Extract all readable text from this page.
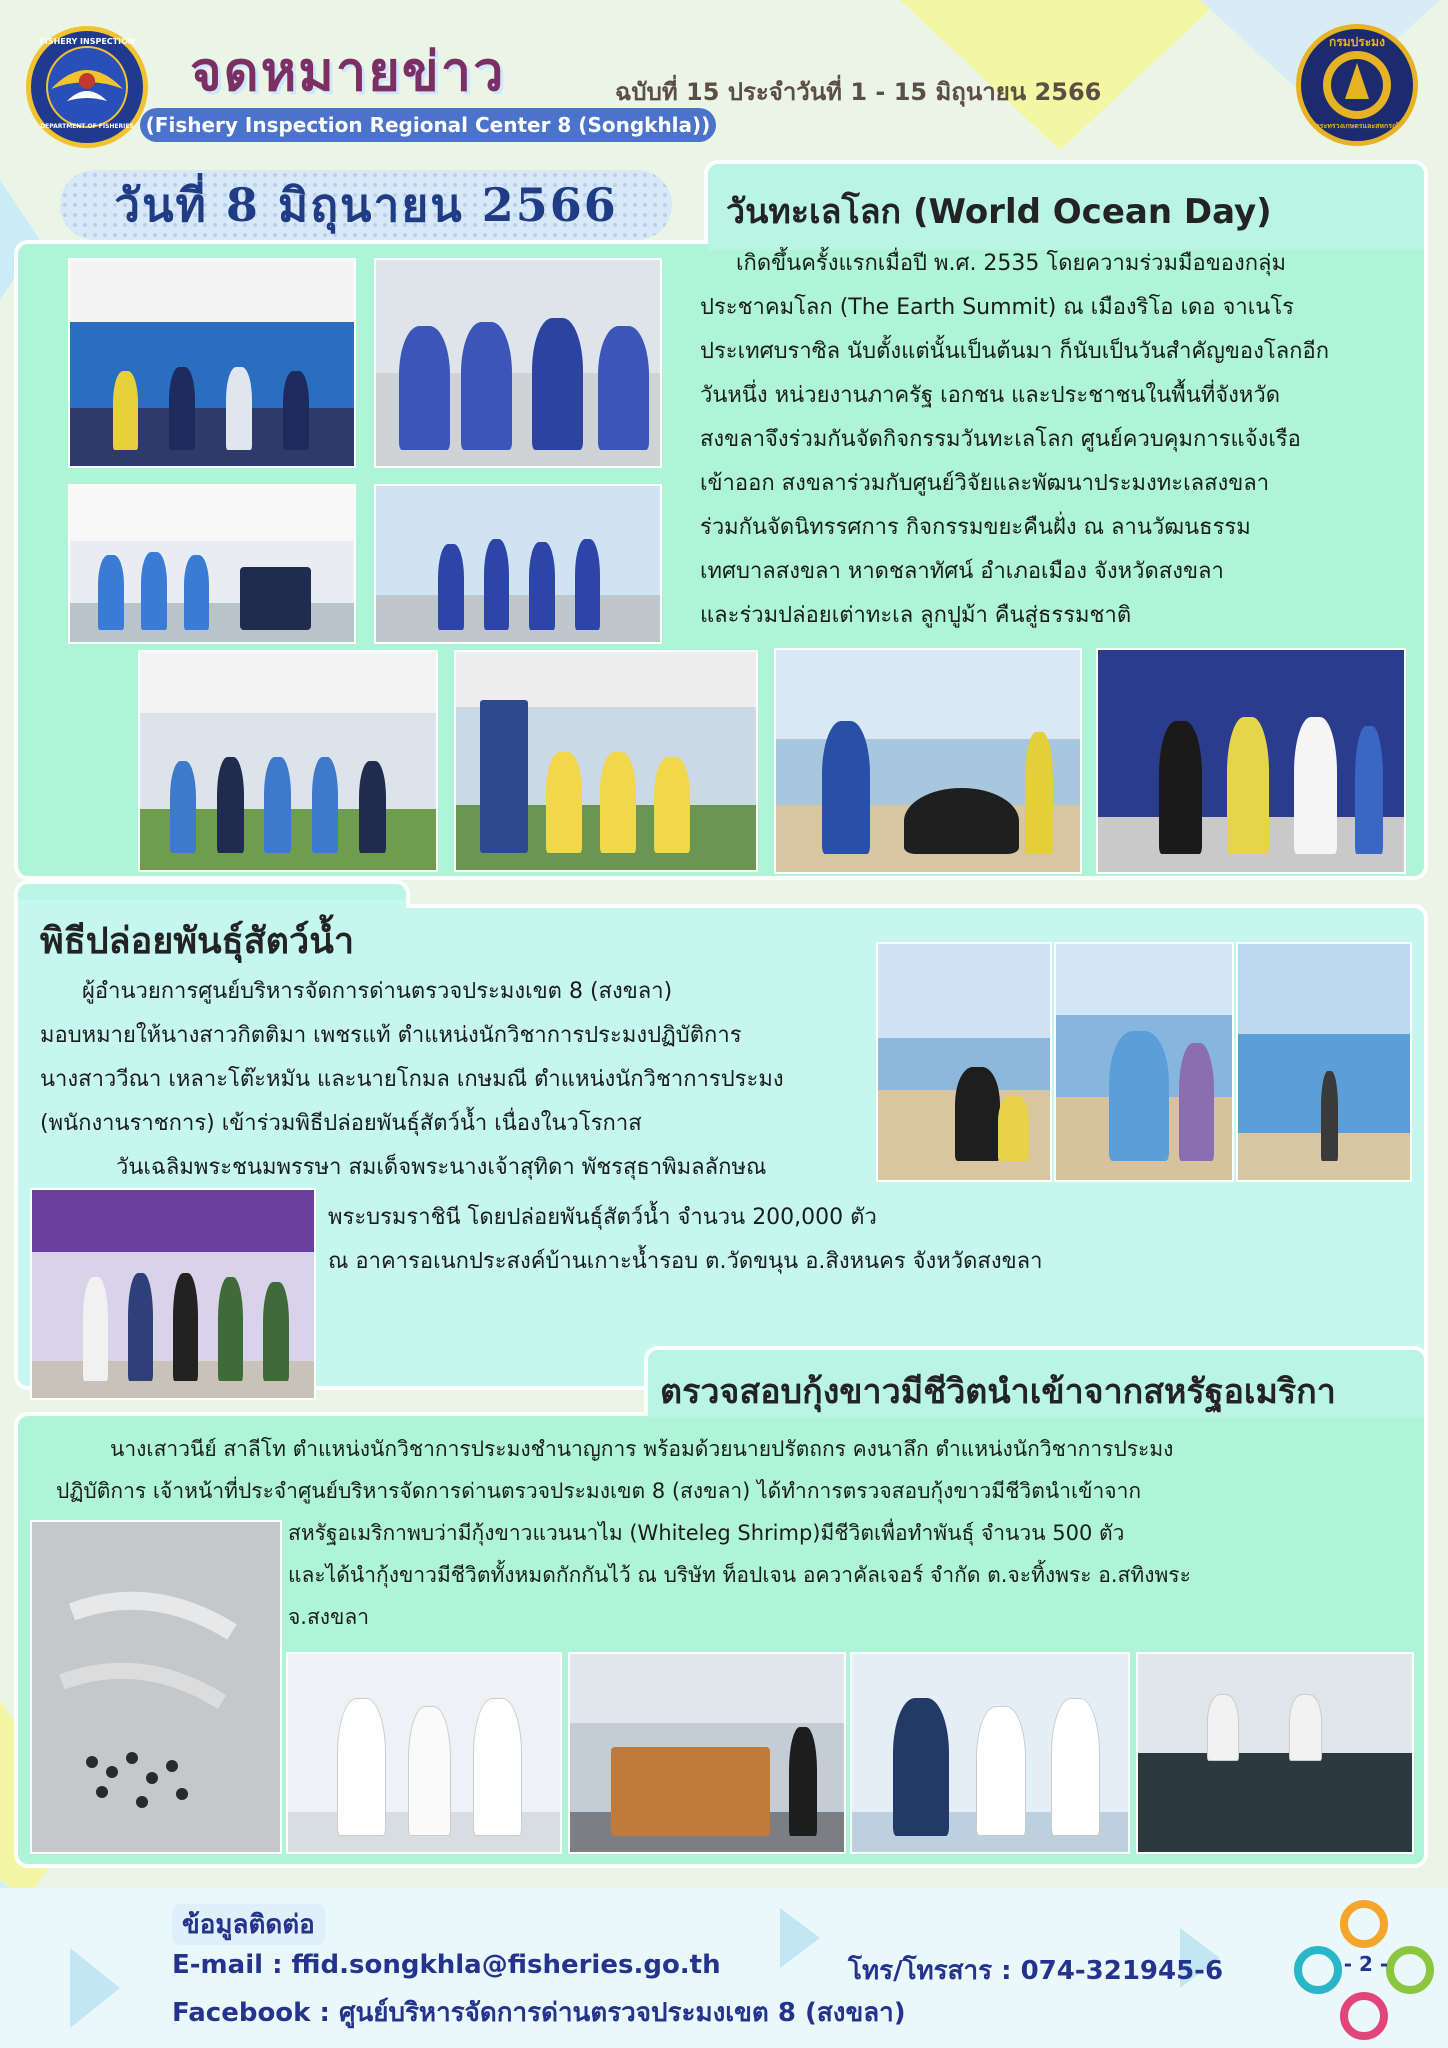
FISHERY INSPECTION
DEPARTMENT OF FISHERIES
จดหมายข่าว
(Fishery Inspection Regional Center 8 (Songkhla))
ฉบับที่ 15 ประจำวันที่ 1 - 15 มิถุนายน 2566
กรมประมง
กระทรวงเกษตรและสหกรณ์
วันที่ 8 มิถุนายน 2566	วันทะเลโลก (World Ocean Day)

เกิดขึ้นครั้งแรกเมื่อปี พ.ศ. 2535 โดยความร่วมมือของกลุ่ม

ประชาคมโลก (The Earth Summit) ณ เมืองริโอ เดอ จาเนโร

ประเทศบราซิล นับตั้งแต่นั้นเป็นต้นมา ก็นับเป็นวันสำคัญของโลกอีก

วันหนึ่ง หน่วยงานภาครัฐ เอกชน และประชาชนในพื้นที่จังหวัด

สงขลาจึงร่วมกันจัดกิจกรรมวันทะเลโลก ศูนย์ควบคุมการแจ้งเรือ

เข้าออก สงขลาร่วมกับศูนย์วิจัยและพัฒนาประมงทะเลสงขลา

ร่วมกันจัดนิทรรศการ กิจกรรมขยะคืนฝั่ง ณ ลานวัฒนธรรม

เทศบาลสงขลา หาดชลาทัศน์ อำเภอเมือง จังหวัดสงขลา

และร่วมปล่อยเต่าทะเล ลูกปูม้า คืนสู่ธรรมชาติ

พิธีปล่อยพันธุ์สัตว์น้ำ

ผู้อำนวยการศูนย์บริหารจัดการด่านตรวจประมงเขต 8 (สงขลา)

มอบหมายให้นางสาวกิตติมา เพชรแท้ ตำแหน่งนักวิชาการประมงปฏิบัติการ

นางสาววีณา เหลาะโต๊ะหมัน และนายโกมล เกษมณี ตำแหน่งนักวิชาการประมง

(พนักงานราชการ) เข้าร่วมพิธีปล่อยพันธุ์สัตว์น้ำ เนื่องในวโรกาส

วันเฉลิมพระชนมพรรษา สมเด็จพระนางเจ้าสุทิดา พัชรสุธาพิมลลักษณ

พระบรมราชินี โดยปล่อยพันธุ์สัตว์น้ำ จำนวน 200,000 ตัว

ณ อาคารอเนกประสงค์บ้านเกาะน้ำรอบ ต.วัดขนุน อ.สิงหนคร จังหวัดสงขลา

ตรวจสอบกุ้งขาวมีชีวิตนำเข้าจากสหรัฐอเมริกา

นางเสาวนีย์ สาลีโท ตำแหน่งนักวิชาการประมงชำนาญการ พร้อมด้วยนายปรัตถกร คงนาลึก ตำแหน่งนักวิชาการประมง

ปฏิบัติการ เจ้าหน้าที่ประจำศูนย์บริหารจัดการด่านตรวจประมงเขต 8 (สงขลา) ได้ทำการตรวจสอบกุ้งขาวมีชีวิตนำเข้าจาก

สหรัฐอเมริกาพบว่ามีกุ้งขาวแวนนาไม (Whiteleg Shrimp)มีชีวิตเพื่อทำพันธุ์ จำนวน 500 ตัว

และได้นำกุ้งขาวมีชีวิตทั้งหมดกักกันไว้ ณ บริษัท ท็อปเจน อควาคัลเจอร์ จำกัด ต.จะทิ้งพระ อ.สทิงพระ

จ.สงขลา

ข้อมูลติดต่อ
E-mail : ffid.songkhla@fisheries.go.th	โทร/โทรสาร : 074-321945-6
Facebook : ศูนย์บริหารจัดการด่านตรวจประมงเขต 8 (สงขลา)
- 2 -
